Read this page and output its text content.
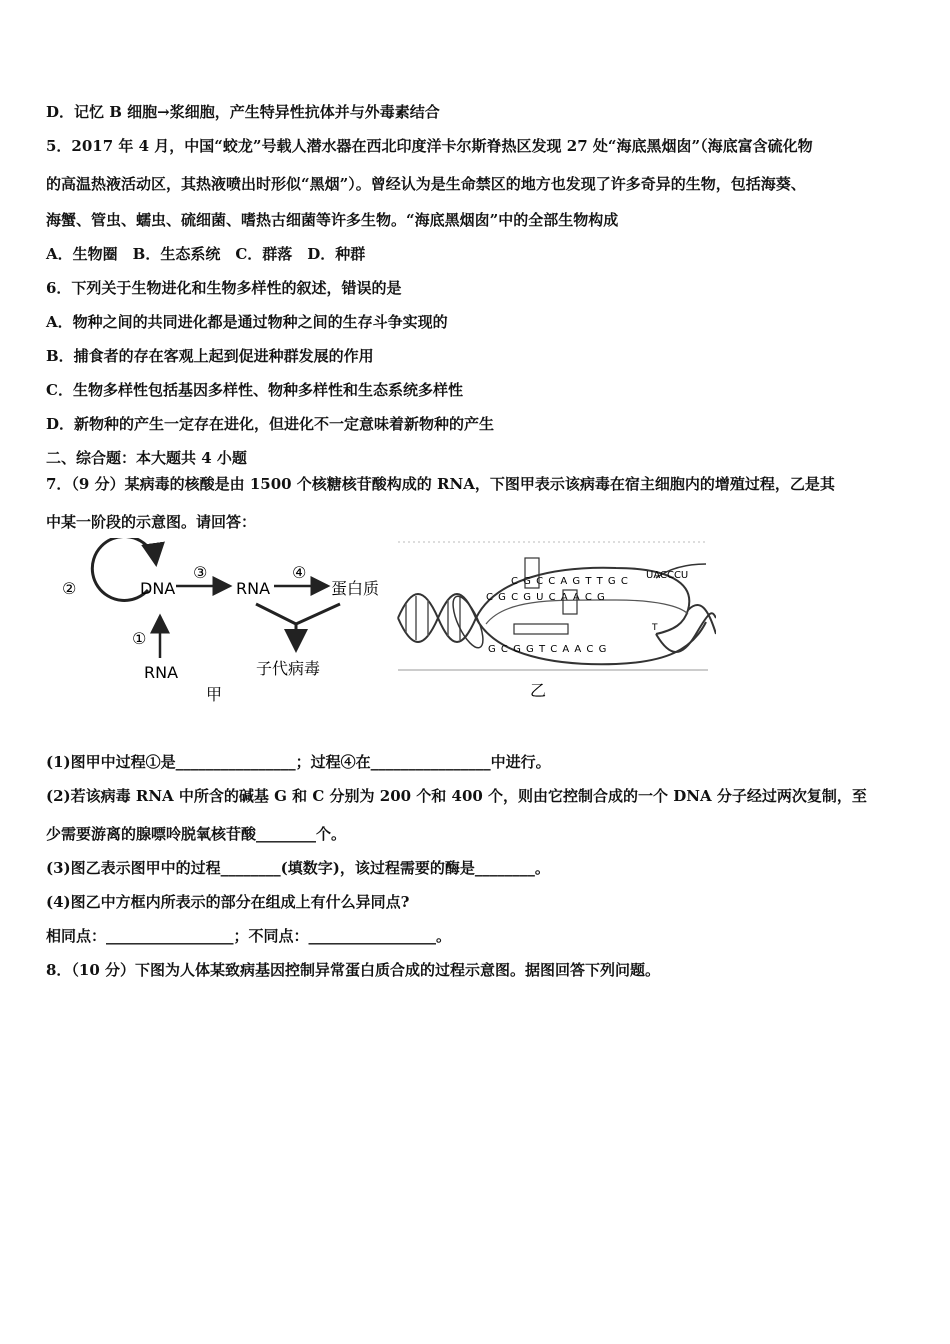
D．记忆 B 细胞→浆细胞，产生特异性抗体并与外毒素结合
5．2017 年 4 月，中国“蛟龙”号载人潜水器在西北印度洋卡尔斯脊热区发现 27 处“海底黑烟囱”（海底富含硫化物
的高温热液活动区，其热液喷出时形似“黑烟”）。曾经认为是生命禁区的地方也发现了许多奇异的生物，包括海葵、
海蟹、管虫、蠕虫、硫细菌、嗜热古细菌等许多生物。“海底黑烟囱”中的全部生物构成
A．生物圈　B．生态系统　C．群落　D．种群
6．下列关于生物进化和生物多样性的叙述，错误的是
A．物种之间的共同进化都是通过物种之间的生存斗争实现的
B．捕食者的存在客观上起到促进种群发展的作用
C．生物多样性包括基因多样性、物种多样性和生态系统多样性
D．新物种的产生一定存在进化，但进化不一定意味着新物种的产生
二、综合题：本大题共 4 小题
7．（9 分）某病毒的核酸是由 1500 个核糖核苷酸构成的 RNA，下图甲表示该病毒在宿主细胞内的增殖过程，乙是其
中某一阶段的示意图。请回答：
②	DNA
③
RNA
④
蛋白质
子代病毒
①
RNA
甲
C G C C A G T T G C
UACCCU
C G C G U C A A C G
G C G G T C A A C G
T
乙
(1)图甲中过程①是________________；过程④在________________中进行。
(2)若该病毒 RNA 中所含的碱基 G 和 C 分别为 200 个和 400 个，则由它控制合成的一个 DNA 分子经过两次复制，至
少需要游离的腺嘌呤脱氧核苷酸________个。
(3)图乙表示图甲中的过程________(填数字)，该过程需要的酶是________。
(4)图乙中方框内所表示的部分在组成上有什么异同点?
相同点：_________________；不同点：_________________。
8．（10 分）下图为人体某致病基因控制异常蛋白质合成的过程示意图。据图回答下列问题。
